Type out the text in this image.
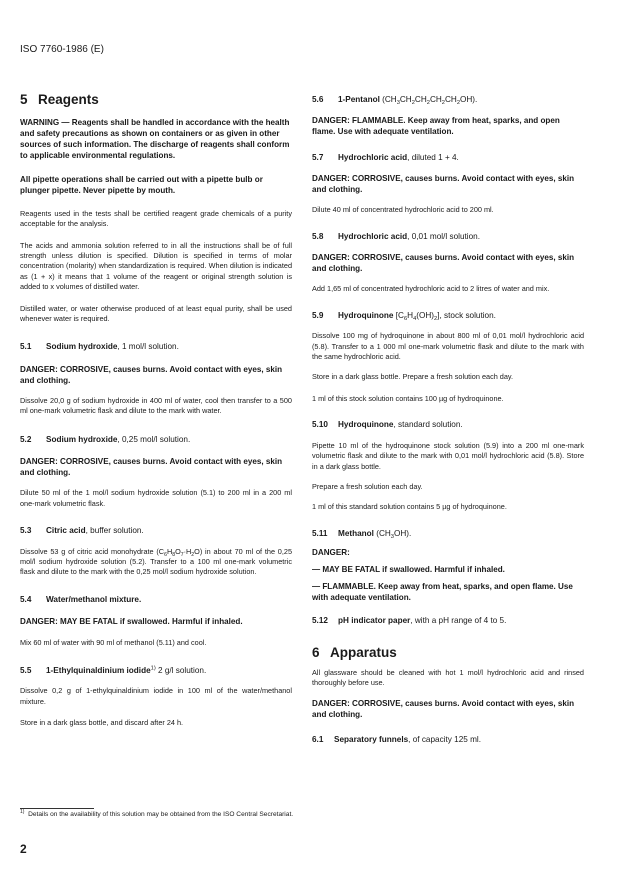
ISO 7760-1986 (E)
5 Reagents

WARNING — Reagents shall be handled in accordance with the health and safety precautions as shown on containers or as given in other sources of such information. The discharge of reagents shall conform to applicable environmental regulations.

All pipette operations shall be carried out with a pipette bulb or plunger pipette. Never pipette by mouth.

Reagents used in the tests shall be certified reagent grade chemicals of a purity acceptable for the analysis.

The acids and ammonia solution referred to in all the instructions shall be of full strength unless dilution is specified. Dilution is specified in terms of molar concentration (molarity) when standardization is required. When dilution is indicated as (1 + x) it means that 1 volume of the reagent or original strength solution is added to x volumes of distilled water.

Distilled water, or water otherwise produced of at least equal purity, shall be used whenever water is required.

5.1 Sodium hydroxide, 1 mol/l solution.

DANGER: CORROSIVE, causes burns. Avoid contact with eyes, skin and clothing.

Dissolve 20,0 g of sodium hydroxide in 400 ml of water, cool then transfer to a 500 ml one-mark volumetric flask and dilute to the mark with water.

5.2 Sodium hydroxide, 0,25 mol/l solution.

DANGER: CORROSIVE, causes burns. Avoid contact with eyes, skin and clothing.

Dilute 50 ml of the 1 mol/l sodium hydroxide solution (5.1) to 200 ml in a 200 ml one-mark volumetric flask.

5.3 Citric acid, buffer solution.

Dissolve 53 g of citric acid monohydrate $(C_6H_8O_7\cdot H_2O)$ in about 70 ml of the 0,25 mol/l sodium hydroxide solution (5.2). Transfer to a 100 ml one-mark volumetric flask and dilute to the mark with the 0,25 mol/l sodium hydroxide solution.

5.4 Water/methanol mixture.

DANGER: MAY BE FATAL if swallowed. Harmful if inhaled.

Mix 60 ml of water with 90 ml of methanol (5.11) and cool.

5.5 1-Ethylquinaldinium iodide$^{1)}$ 2 g/l solution.

Dissolve 0,2 g of 1-ethylquinaldinium iodide in 100 ml of the water/methanol mixture.

Store in a dark glass bottle, and discard after 24 h.

5.6 1-Pentanol $(CH_3CH_2CH_2CH_2CH_2OH)$.

DANGER: FLAMMABLE. Keep away from heat, sparks, and open flame. Use with adequate ventilation.

5.7 Hydrochloric acid, diluted 1 + 4.

DANGER: CORROSIVE, causes burns. Avoid contact with eyes, skin and clothing.

Dilute 40 ml of concentrated hydrochloric acid to 200 ml.

5.8 Hydrochloric acid, 0,01 mol/l solution.

DANGER: CORROSIVE, causes burns. Avoid contact with eyes, skin and clothing.

Add 1,65 ml of concentrated hydrochloric acid to 2 litres of water and mix.

5.9 Hydroquinone $[C_6H_4(OH)_2]$, stock solution.

Dissolve 100 mg of hydroquinone in about 800 ml of 0,01 mol/l hydrochloric acid (5.8). Transfer to a 1 000 ml one-mark volumetric flask and dilute to the mark with the same hydrochloric acid.

Store in a dark glass bottle. Prepare a fresh solution each day.

1 ml of this stock solution contains 100 µg of hydroquinone.

5.10 Hydroquinone, standard solution.

Pipette 10 ml of the hydroquinone stock solution (5.9) into a 200 ml one-mark volumetric flask and dilute to the mark with 0,01 mol/l hydrochloric acid (5.8). Store in a dark glass bottle.

Prepare a fresh solution each day.

1 ml of this standard solution contains 5 µg of hydroquinone.

5.11 Methanol $(CH_3OH)$.

DANGER:

— MAY BE FATAL if swallowed. Harmful if inhaled.

— FLAMMABLE. Keep away from heat, sparks, and open flame. Use with adequate ventilation.

5.12 pH indicator paper, with a pH range of 4 to 5.

6 Apparatus

All glassware should be cleaned with hot 1 mol/l hydrochloric acid and rinsed thoroughly before use.

DANGER: CORROSIVE, causes burns. Avoid contact with eyes, skin and clothing.

6.1 Separatory funnels, of capacity 125 ml.

$^{1)}$ Details on the availability of this solution may be obtained from the ISO Central Secretariat.
2
